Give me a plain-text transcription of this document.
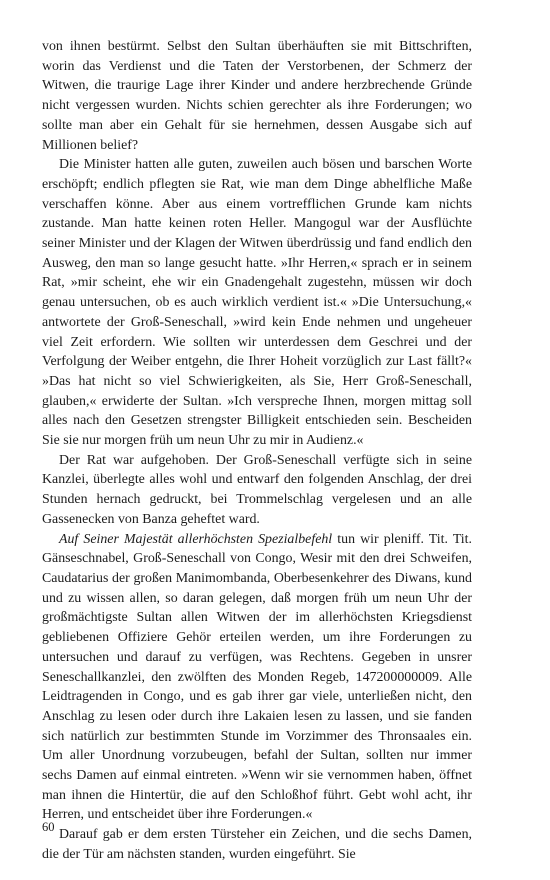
von ihnen bestürmt. Selbst den Sultan überhäuften sie mit Bittschriften, worin das Verdienst und die Taten der Verstorbenen, der Schmerz der Witwen, die traurige Lage ihrer Kinder und andere herzbrechende Gründe nicht vergessen wurden. Nichts schien gerechter als ihre Forderungen; wo sollte man aber ein Gehalt für sie hernehmen, dessen Ausgabe sich auf Millionen belief?

Die Minister hatten alle guten, zuweilen auch bösen und barschen Worte erschöpft; endlich pflegten sie Rat, wie man dem Dinge abhelfliche Maße verschaffen könne. Aber aus einem vortrefflichen Grunde kam nichts zustande. Man hatte keinen roten Heller. Mangogul war der Ausflüchte seiner Minister und der Klagen der Witwen überdrüssig und fand endlich den Ausweg, den man so lange gesucht hatte. »Ihr Herren,« sprach er in seinem Rat, »mir scheint, ehe wir ein Gnadengehalt zugestehn, müssen wir doch genau untersuchen, ob es auch wirklich verdient ist.« »Die Untersuchung,« antwortete der Groß-Seneschall, »wird kein Ende nehmen und ungeheuer viel Zeit erfordern. Wie sollten wir unterdessen dem Geschrei und der Verfolgung der Weiber entgehn, die Ihrer Hoheit vorzüglich zur Last fällt?« »Das hat nicht so viel Schwierigkeiten, als Sie, Herr Groß-Seneschall, glauben,« erwiderte der Sultan. »Ich verspreche Ihnen, morgen mittag soll alles nach den Gesetzen strengster Billigkeit entschieden sein. Bescheiden Sie sie nur morgen früh um neun Uhr zu mir in Audienz.«

Der Rat war aufgehoben. Der Groß-Seneschall verfügte sich in seine Kanzlei, überlegte alles wohl und entwarf den folgenden Anschlag, der drei Stunden hernach gedruckt, bei Trommelschlag vergelesen und an alle Gassenecken von Banza geheftet ward.

Auf Seiner Majestät allerhöchsten Spezialbefehl tun wir pleniff. Tit. Tit. Gänseschnabel, Groß-Seneschall von Congo, Wesir mit den drei Schweifen, Caudatarius der großen Manimombanda, Oberbesenkehrer des Diwans, kund und zu wissen allen, so daran gelegen, daß morgen früh um neun Uhr der großmächtigste Sultan allen Witwen der im allerhöchsten Kriegsdienst gebliebenen Offiziere Gehör erteilen werden, um ihre Forderungen zu untersuchen und darauf zu verfügen, was Rechtens. Gegeben in unsrer Seneschallkanzlei, den zwölften des Monden Regeb, 147200000009. Alle Leidtragenden in Congo, und es gab ihrer gar viele, unterließen nicht, den Anschlag zu lesen oder durch ihre Lakaien lesen zu lassen, und sie fanden sich natürlich zur bestimmten Stunde im Vorzimmer des Thronsaales ein. Um aller Unordnung vorzubeugen, befahl der Sultan, sollten nur immer sechs Damen auf einmal eintreten. »Wenn wir sie vernommen haben, öffnet man ihnen die Hintertür, die auf den Schloßhof führt. Gebt wohl acht, ihr Herren, und entscheidet über ihre Forderungen.«

Darauf gab er dem ersten Türsteher ein Zeichen, und die sechs Damen, die der Tür am nächsten standen, wurden eingeführt. Sie

60
